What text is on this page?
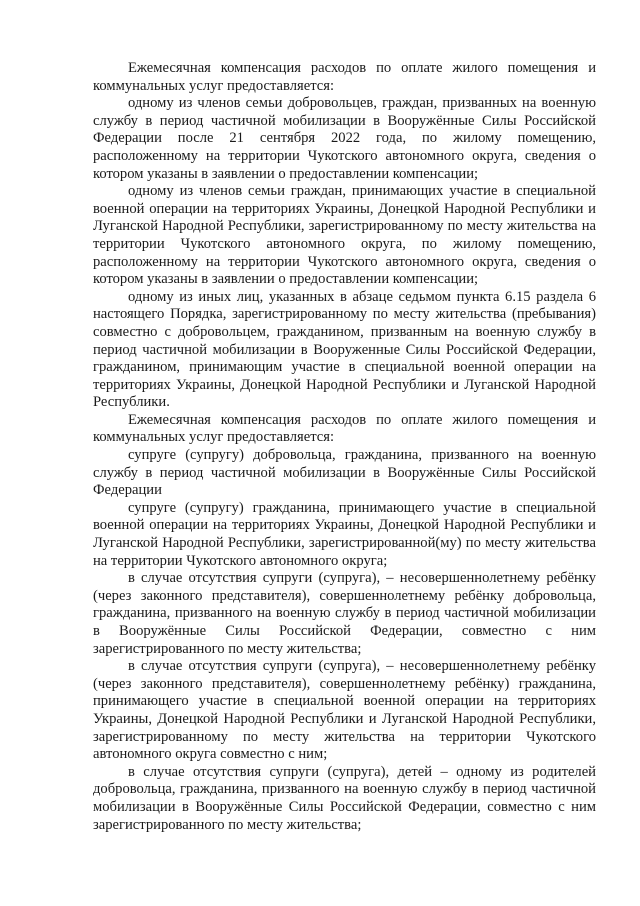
Ежемесячная компенсация расходов по оплате жилого помещения и коммунальных услуг предоставляется:

одному из членов семьи добровольцев, граждан, призванных на военную службу в период частичной мобилизации в Вооружённые Силы Российской Федерации после 21 сентября 2022 года, по жилому помещению, расположенному на территории Чукотского автономного округа, сведения о котором указаны в заявлении о предоставлении компенсации;

одному из членов семьи граждан, принимающих участие в специальной военной операции на территориях Украины, Донецкой Народной Республики и Луганской Народной Республики, зарегистрированному по месту жительства на территории Чукотского автономного округа, по жилому помещению, расположенному на территории Чукотского автономного округа, сведения о котором указаны в заявлении о предоставлении компенсации;

одному из иных лиц, указанных в абзаце седьмом пункта 6.15 раздела 6 настоящего Порядка, зарегистрированному по месту жительства (пребывания) совместно с добровольцем, гражданином, призванным на военную службу в период частичной мобилизации в Вооруженные Силы Российской Федерации, гражданином, принимающим участие в специальной военной операции на территориях Украины, Донецкой Народной Республики и Луганской Народной Республики.

Ежемесячная компенсация расходов по оплате жилого помещения и коммунальных услуг предоставляется:

супруге (супругу) добровольца, гражданина, призванного на военную службу в период частичной мобилизации в Вооружённые Силы Российской Федерации

супруге (супругу) гражданина, принимающего участие в специальной военной операции на территориях Украины, Донецкой Народной Республики и Луганской Народной Республики, зарегистрированной(му) по месту жительства на территории Чукотского автономного округа;

в случае отсутствия супруги (супруга), – несовершеннолетнему ребёнку (через законного представителя), совершеннолетнему ребёнку добровольца, гражданина, призванного на военную службу в период частичной мобилизации в Вооружённые Силы Российской Федерации, совместно с ним зарегистрированного по месту жительства;

в случае отсутствия супруги (супруга), – несовершеннолетнему ребёнку (через законного представителя), совершеннолетнему ребёнку) гражданина, принимающего участие в специальной военной операции на территориях Украины, Донецкой Народной Республики и Луганской Народной Республики, зарегистрированному по месту жительства на территории Чукотского автономного округа совместно с ним;

в случае отсутствия супруги (супруга), детей – одному из родителей добровольца, гражданина, призванного на военную службу в период частичной мобилизации в Вооружённые Силы Российской Федерации, совместно с ним зарегистрированного по месту жительства;
